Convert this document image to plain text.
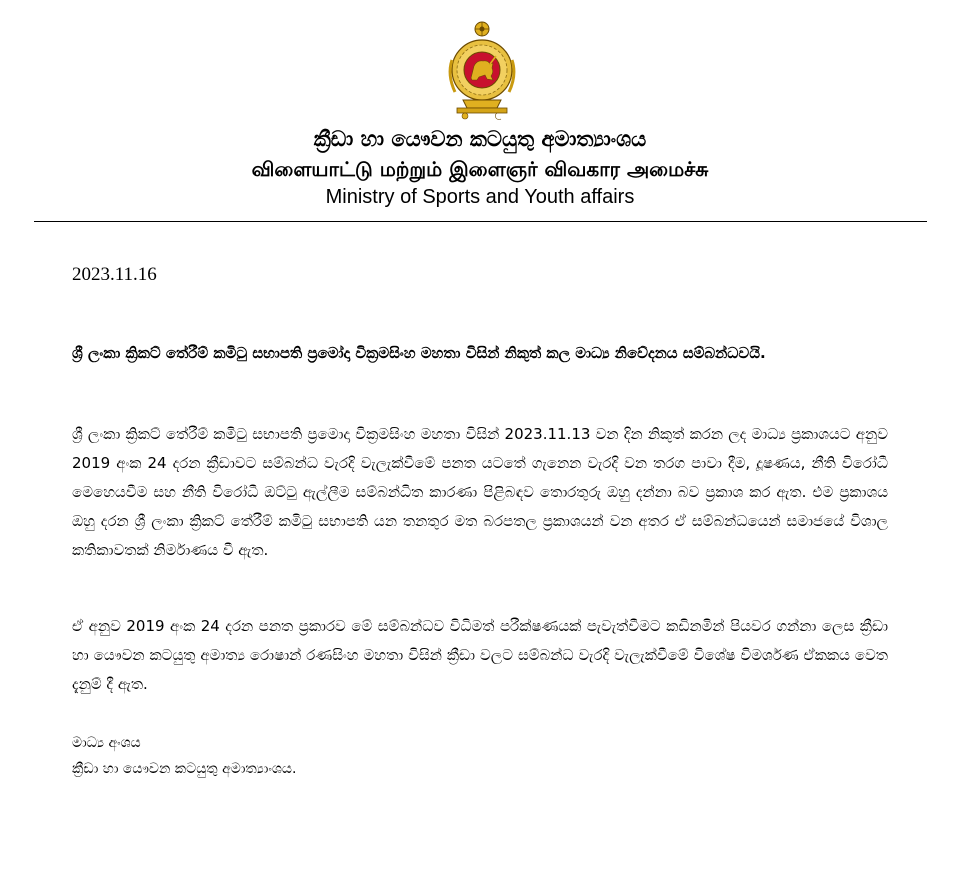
ක්‍රීඩා හා යෞවන කටයුතු අමාත්‍යාංශය
விளையாட்டு மற்றும் இளைஞர் விவகார அமைச்சு
Ministry of Sports and Youth affairs
2023.11.16
ශ්‍රී ලංකා ක්‍රිකට් තේරීම් කමිටු සභාපති ප්‍රමෝදා වික්‍රමසිංහ මහතා විසින් නිකුත් කල මාධ්‍ය නිවේදනය සම්බන්ධවයි.
ශ්‍රී ලංකා ක්‍රිකට් තේරීම් කමිටු සභාපති ප්‍රමොදා වික්‍රමසිංහ මහතා විසින් 2023.11.13 වන දින නිකුත් කරන ලද මාධ්‍ය ප්‍රකාශයට අනුව 2019 අංක 24 දරන ක්‍රීඩාවට සම්බන්ධ වැරදි වැලැක්වීමේ පනත යටතේ ගැනෙන වැරදි වන තරග පාවා දීම, දූෂණය, නීති විරෝධී මෙහෙයවීම සහ නීති විරෝධී ඔට්ටු ඇල්ලීම සම්බන්ධිත කාරණා පිළිබඳව තොරතුරු ඔහු දන්නා බව ප්‍රකාශ කර ඇත. එම ප්‍රකාශය ඔහු දරන ශ්‍රී ලංකා ක්‍රිකට් තේරීම් කමිටු සභාපති යන තනතුර මත බරපතල ප්‍රකාශයන් වන අතර ඒ සම්බන්ධයෙන් සමාජයේ විශාල කතිකාවතක් නිර්මාණය වී ඇත.
ඒ අනුව 2019 අංක 24 දරන පනත ප්‍රකාරව මේ සම්බන්ධව විධිමත් පරීක්ෂණයක් පැවැත්වීමට කඩිනමින් පියවර ගන්නා ලෙස ක්‍රීඩා හා යෞවන කටයුතු අමාත්‍ය රොෂාන් රණසිංහ මහතා විසින් ක්‍රීඩා වලට සම්බන්ධ වැරදි වැලැක්වීමේ විශේෂ විමර්ශණ ඒකකය වෙත දැනුම් දී ඇත.
මාධ්‍ය අංශය
ක්‍රීඩා හා යෞවන කටයුතු අමාත්‍යාංශය.
